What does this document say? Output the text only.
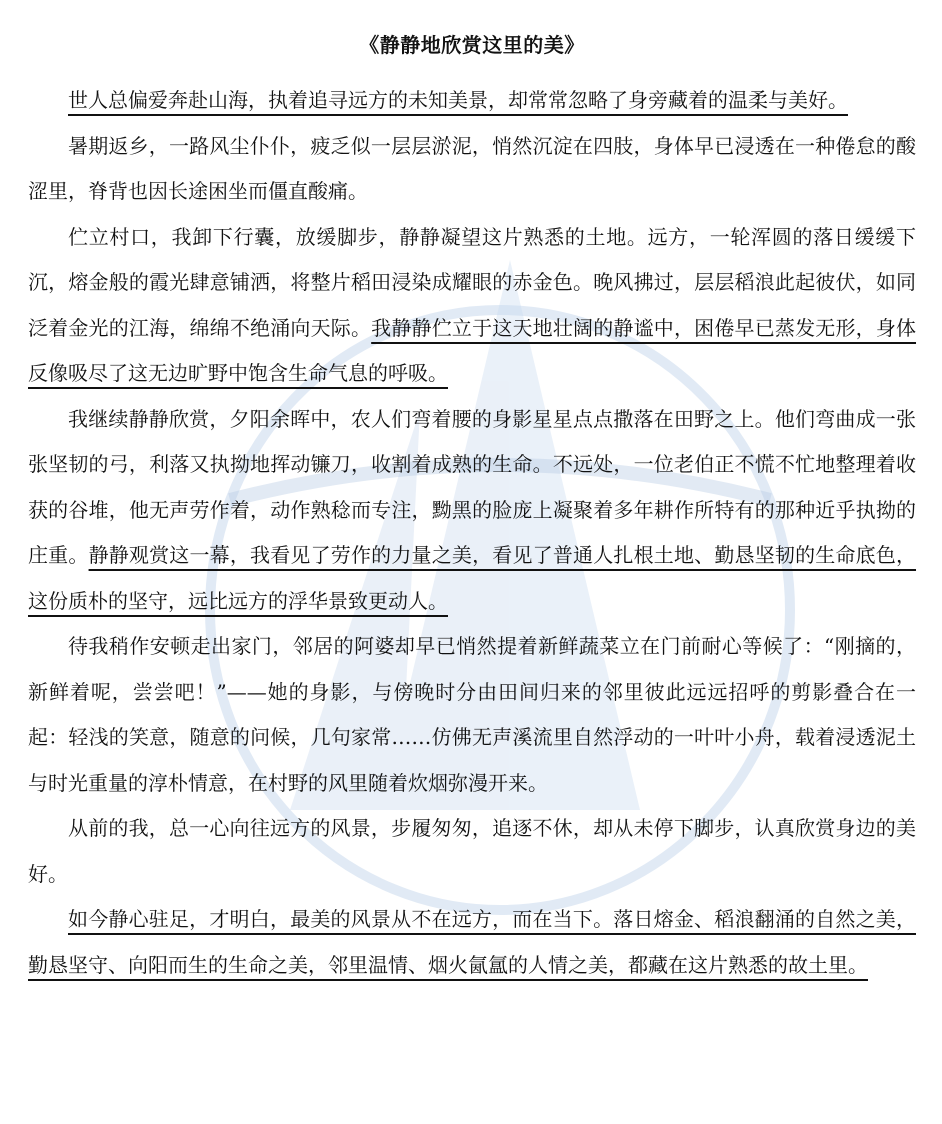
《静静地欣赏这里的美》

世人总偏爱奔赴山海，执着追寻远方的未知美景，却常常忽略了身旁藏着的温柔与美好。

暑期返乡，一路风尘仆仆，疲乏似一层层淤泥，悄然沉淀在四肢，身体早已浸透在一种倦怠的酸涩里，脊背也因长途困坐而僵直酸痛。

伫立村口，我卸下行囊，放缓脚步，静静凝望这片熟悉的土地。远方，一轮浑圆的落日缓缓下沉，熔金般的霞光肆意铺洒，将整片稻田浸染成耀眼的赤金色。晚风拂过，层层稻浪此起彼伏，如同泛着金光的江海，绵绵不绝涌向天际。我静静伫立于这天地壮阔的静谧中，困倦早已蒸发无形，身体反像吸尽了这无边旷野中饱含生命气息的呼吸。

我继续静静欣赏，夕阳余晖中，农人们弯着腰的身影星星点点撒落在田野之上。他们弯曲成一张张坚韧的弓，利落又执拗地挥动镰刀，收割着成熟的生命。不远处，一位老伯正不慌不忙地整理着收获的谷堆，他无声劳作着，动作熟稔而专注，黝黑的脸庞上凝聚着多年耕作所特有的那种近乎执拗的庄重。静静观赏这一幕，我看见了劳作的力量之美，看见了普通人扎根土地、勤恳坚韧的生命底色，这份质朴的坚守，远比远方的浮华景致更动人。

待我稍作安顿走出家门，邻居的阿婆却早已悄然提着新鲜蔬菜立在门前耐心等候了：“刚摘的，新鲜着呢，尝尝吧！”——她的身影，与傍晚时分由田间归来的邻里彼此远远招呼的剪影叠合在一起：轻浅的笑意，随意的问候，几句家常……仿佛无声溪流里自然浮动的一叶叶小舟，载着浸透泥土与时光重量的淳朴情意，在村野的风里随着炊烟弥漫开来。

从前的我，总一心向往远方的风景，步履匆匆，追逐不休，却从未停下脚步，认真欣赏身边的美好。

如今静心驻足，才明白，最美的风景从不在远方，而在当下。落日熔金、稻浪翻涌的自然之美，勤恳坚守、向阳而生的生命之美，邻里温情、烟火氤氲的人情之美，都藏在这片熟悉的故土里。
